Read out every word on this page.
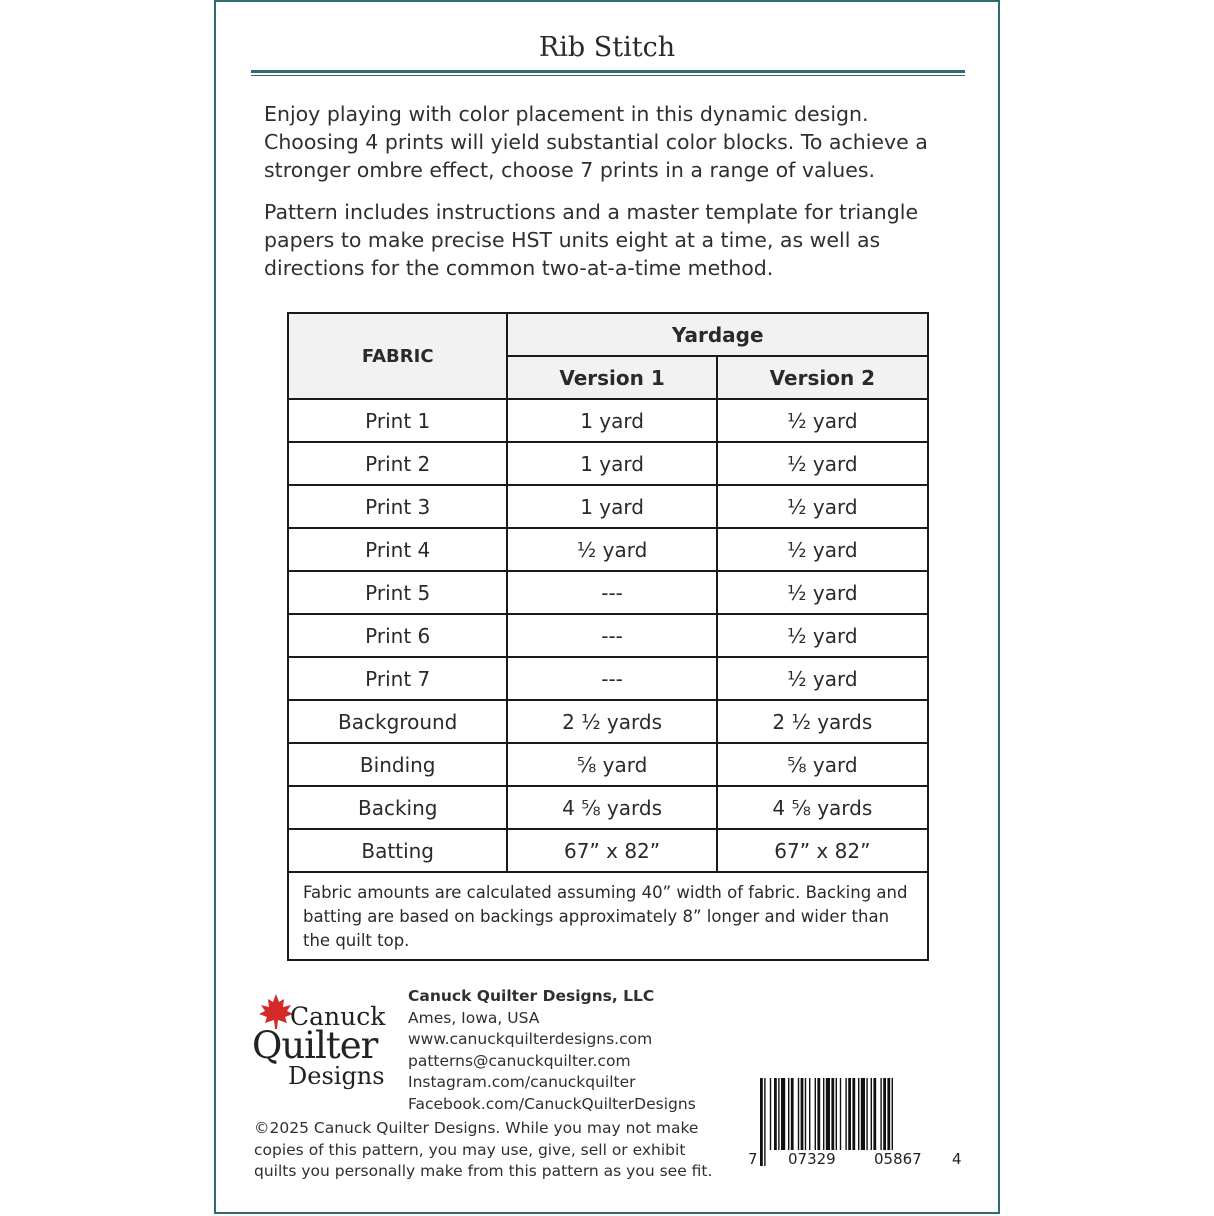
Rib Stitch

Enjoy playing with color placement in this dynamic design. Choosing 4 prints will yield substantial color blocks. To achieve a stronger ombre effect, choose 7 prints in a range of values.

Pattern includes instructions and a master template for triangle papers to make precise HST units eight at a time, as well as directions for the common two-at-a-time method.

FABRIC	Yardage	
	Version 1	Version 2
Print 1	1 yard	½ yard
Print 2	1 yard	½ yard
Print 3	1 yard	½ yard
Print 4	½ yard	½ yard
Print 5	---	½ yard
Print 6	---	½ yard
Print 7	---	½ yard
Background	2 ½ yards	2 ½ yards
Binding	⅝ yard	⅝ yard
Backing	4 ⅝ yards	4 ⅝ yards
Batting	67” x 82”	67” x 82”
Fabric amounts are calculated assuming 40” width of fabric. Backing and batting are based on backings approximately 8” longer and wider than the quilt top.		
Canuck
Quilter
Designs
Canuck Quilter Designs, LLC
Ames, Iowa, USA
www.canuckquilterdesigns.com
patterns@canuckquilter.com
Instagram.com/canuckquilter
Facebook.com/CanuckQuilterDesigns
©2025 Canuck Quilter Designs. While you may not make copies of this pattern, you may use, give, sell or exhibit quilts you personally make from this pattern as you see fit.
7 07329	05867 4
